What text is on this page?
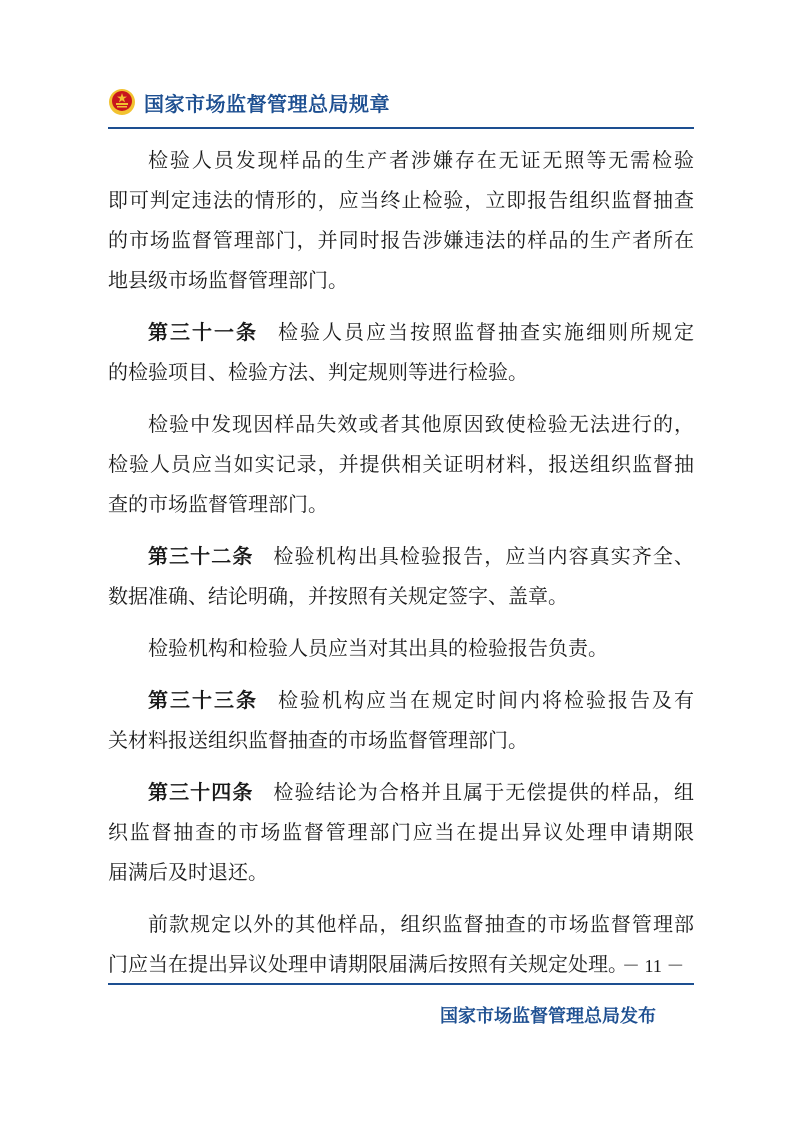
国家市场监督管理总局规章
检验人员发现样品的生产者涉嫌存在无证无照等无需检验
即可判定违法的情形的，应当终止检验，立即报告组织监督抽查
的市场监督管理部门，并同时报告涉嫌违法的样品的生产者所在
地县级市场监督管理部门。
第三十一条 检验人员应当按照监督抽查实施细则所规定
的检验项目、检验方法、判定规则等进行检验。
检验中发现因样品失效或者其他原因致使检验无法进行的，
检验人员应当如实记录，并提供相关证明材料，报送组织监督抽
查的市场监督管理部门。
第三十二条 检验机构出具检验报告，应当内容真实齐全、
数据准确、结论明确，并按照有关规定签字、盖章。
检验机构和检验人员应当对其出具的检验报告负责。
第三十三条 检验机构应当在规定时间内将检验报告及有
关材料报送组织监督抽查的市场监督管理部门。
第三十四条 检验结论为合格并且属于无偿提供的样品，组
织监督抽查的市场监督管理部门应当在提出异议处理申请期限
届满后及时退还。
前款规定以外的其他样品，组织监督抽查的市场监督管理部
门应当在提出异议处理申请期限届满后按照有关规定处理。
－ 11 －
国家市场监督管理总局发布
